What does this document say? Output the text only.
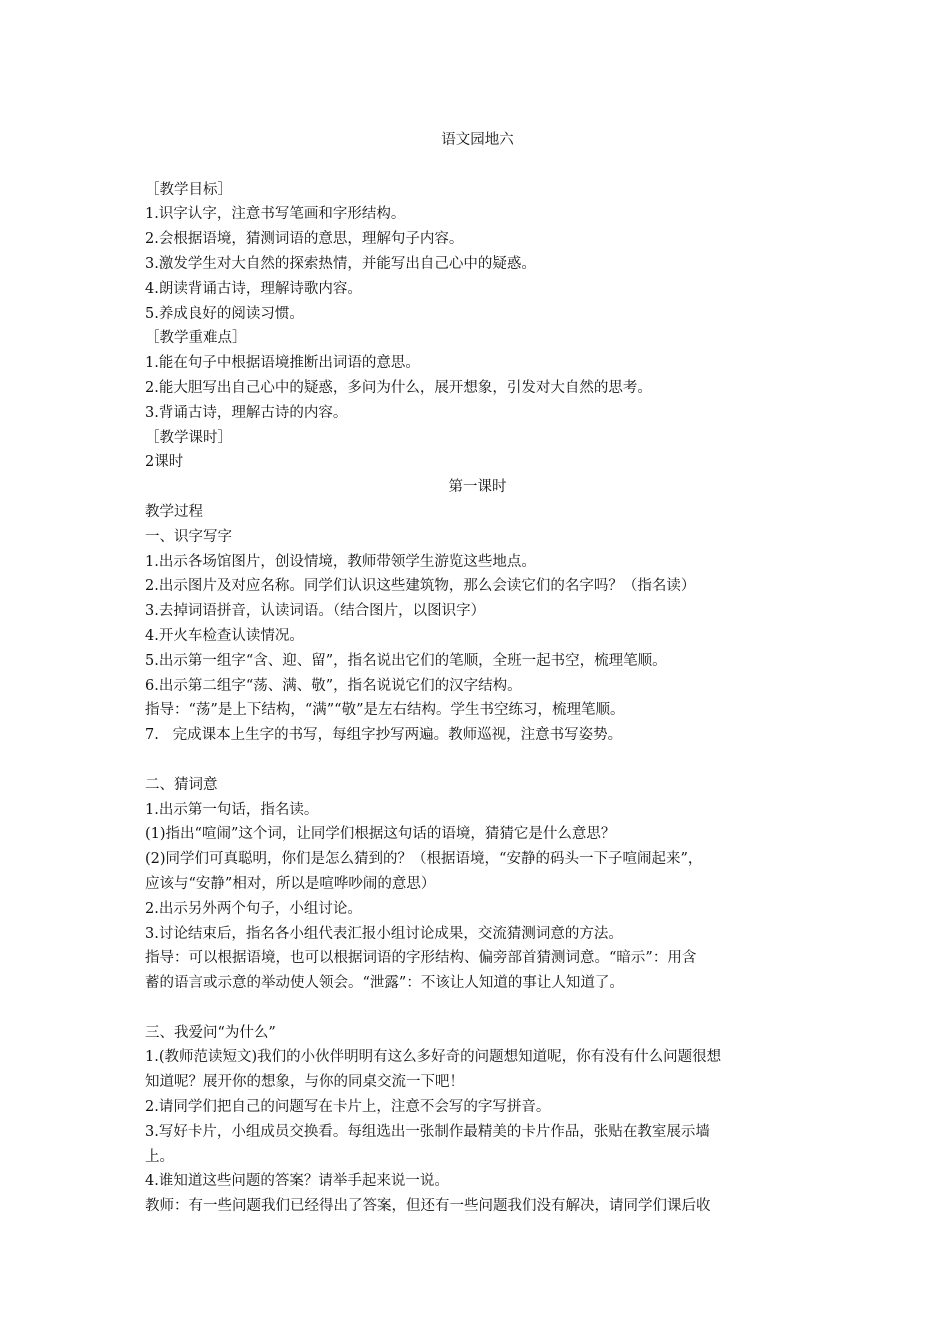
语文园地六
［教学目标］
1.识字认字，注意书写笔画和字形结构。
2.会根据语境，猜测词语的意思，理解句子内容。
3.激发学生对大自然的探索热情，并能写出自己心中的疑惑。
4.朗读背诵古诗，理解诗歌内容。
5.养成良好的阅读习惯。
［教学重难点］
1.能在句子中根据语境推断出词语的意思。
2.能大胆写出自己心中的疑惑，多问为什么，展开想象，引发对大自然的思考。
3.背诵古诗，理解古诗的内容。
［教学课时］
2课时
第一课时
教学过程
一、识字写字
1.出示各场馆图片，创设情境，教师带领学生游览这些地点。
2.出示图片及对应名称。同学们认识这些建筑物，那么会读它们的名字吗？（指名读）
3.去掉词语拼音，认读词语。（结合图片，以图识字）
4.开火车检查认读情况。
5.出示第一组字“含、迎、留”，指名说出它们的笔顺，全班一起书空，梳理笔顺。
6.出示第二组字“荡、满、敬”，指名说说它们的汉字结构。
指导：“荡”是上下结构，“满”“敬”是左右结构。学生书空练习，梳理笔顺。
7.   完成课本上生字的书写，每组字抄写两遍。教师巡视，注意书写姿势。
二、猜词意
1.出示第一句话，指名读。
(1)指出“喧闹”这个词，让同学们根据这句话的语境，猜猜它是什么意思？
(2)同学们可真聪明，你们是怎么猜到的？（根据语境，“安静的码头一下子喧闹起来”，
应该与“安静”相对，所以是喧哗吵闹的意思）
2.出示另外两个句子，小组讨论。
3.讨论结束后，指名各小组代表汇报小组讨论成果，交流猜测词意的方法。
指导：可以根据语境，也可以根据词语的字形结构、偏旁部首猜测词意。“暗示”：用含
蓄的语言或示意的举动使人领会。“泄露”：不该让人知道的事让人知道了。
三、我爱问“为什么”
1.(教师范读短文)我们的小伙伴明明有这么多好奇的问题想知道呢，你有没有什么问题很想
知道呢？展开你的想象，与你的同桌交流一下吧！
2.请同学们把自己的问题写在卡片上，注意不会写的字写拼音。
3.写好卡片，小组成员交换看。每组选出一张制作最精美的卡片作品，张贴在教室展示墙
上。
4.谁知道这些问题的答案？请举手起来说一说。
教师：有一些问题我们已经得出了答案，但还有一些问题我们没有解决，请同学们课后收
